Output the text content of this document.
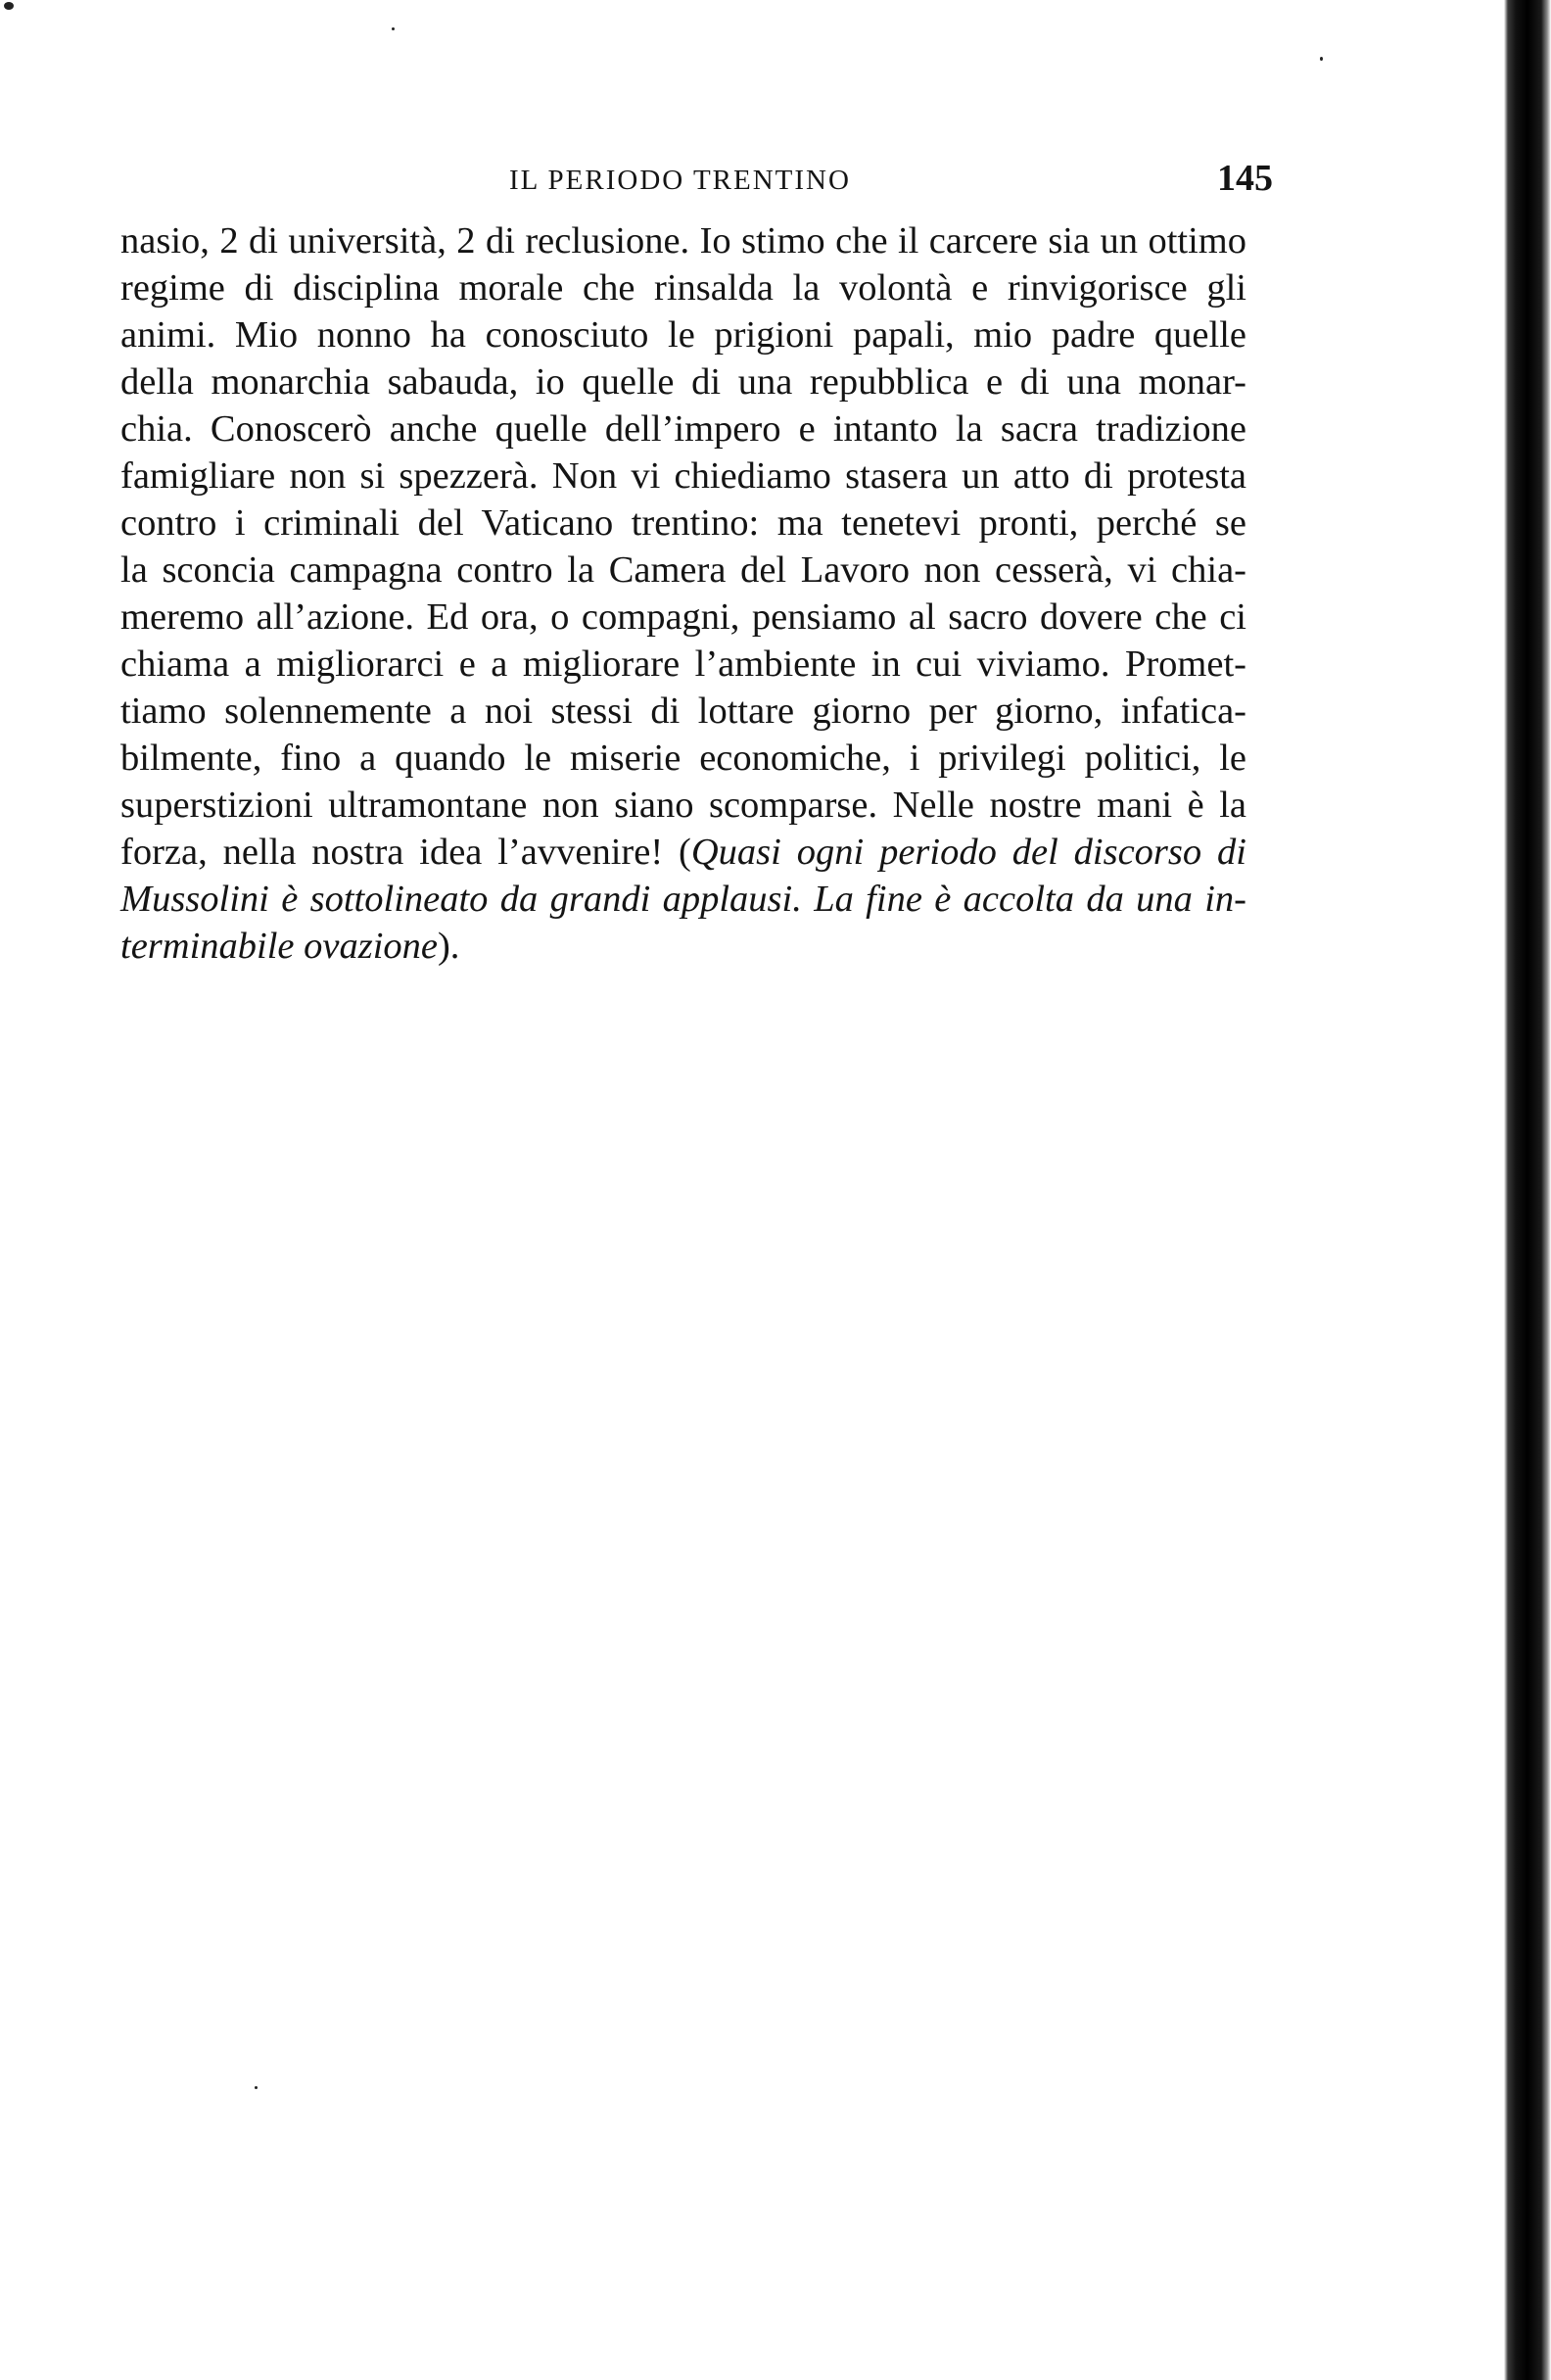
IL PERIODO TRENTINO	145
nasio, 2 di università, 2 di reclusione. Io stimo che il carcere sia un ottimo
regime di disciplina morale che rinsalda la volontà e rinvigorisce gli
animi. Mio nonno ha conosciuto le prigioni papali, mio padre quelle
della monarchia sabauda, io quelle di una repubblica e di una monar-
chia. Conoscerò anche quelle dell’impero e intanto la sacra tradizione
famigliare non si spezzerà. Non vi chiediamo stasera un atto di protesta
contro i criminali del Vaticano trentino: ma tenetevi pronti, perché se
la sconcia campagna contro la Camera del Lavoro non cesserà, vi chia-
meremo all’azione. Ed ora, o compagni, pensiamo al sacro dovere che ci
chiama a migliorarci e a migliorare l’ambiente in cui viviamo. Promet-
tiamo solennemente a noi stessi di lottare giorno per giorno, infatica-
bilmente, fino a quando le miserie economiche, i privilegi politici, le
superstizioni ultramontane non siano scomparse. Nelle nostre mani è la
forza, nella nostra idea l’avvenire! (Quasi ogni periodo del discorso di
Mussolini è sottolineato da grandi applausi. La fine è accolta da una in-
terminabile ovazione).
